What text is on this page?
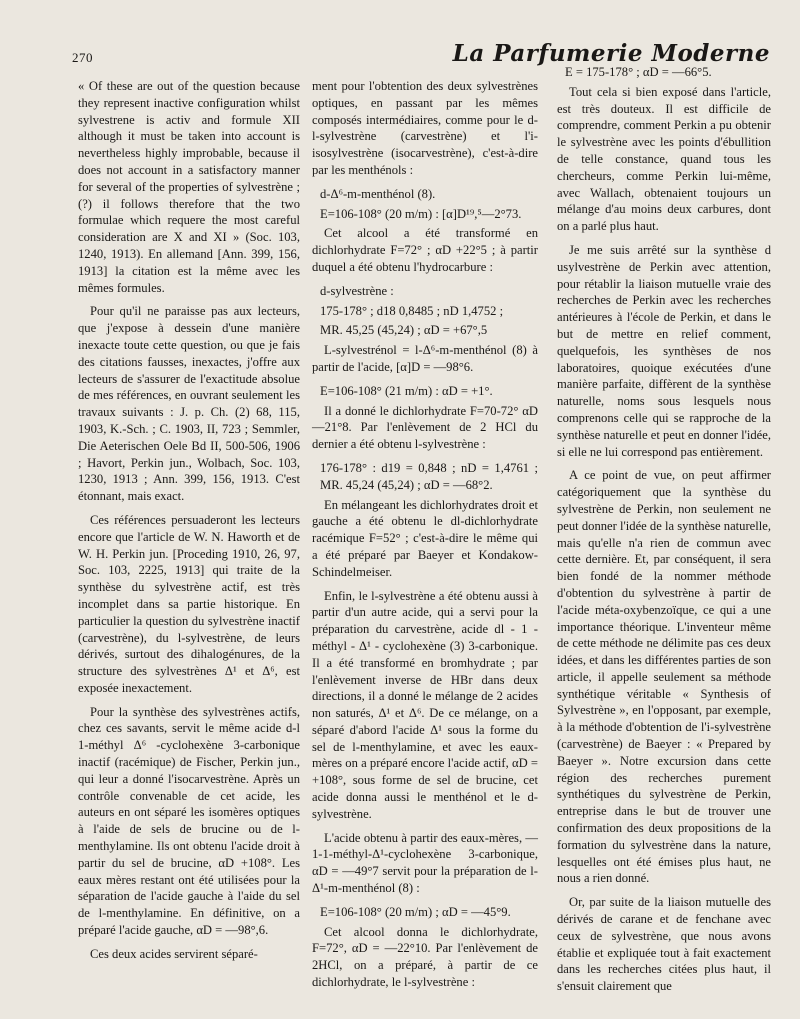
270	La Parfumerie Moderne

« Of these are out of the question because they represent inactive configuration whilst sylvestrene is activ and formule XII although it must be taken into account is nevertheless highly improbable, because il does not account in a satisfactory manner for several of the properties of sylvestrène ; (?) il follows therefore that the two formulae which requere the most careful consideration are X and XI » (Soc. 103, 1240, 1913). En allemand [Ann. 399, 156, 1913] la citation est la même avec les mêmes formules.

Pour qu'il ne paraisse pas aux lecteurs, que j'expose à dessein d'une manière inexacte toute cette question, ou que je fais des citations fausses, inexactes, j'offre aux lecteurs de s'assurer de l'exactitude absolue de mes références, en ouvrant seulement les travaux suivants : J. p. Ch. (2) 68, 115, 1903, K.-Sch. ; C. 1903, II, 723 ; Semmler, Die Aeterischen Oele Bd II, 500-506, 1906 ; Havort, Perkin jun., Wolbach, Soc. 103, 1230, 1913 ; Ann. 399, 156, 1913. C'est étonnant, mais exact.

Ces références persuaderont les lecteurs encore que l'article de W. N. Haworth et de W. H. Perkin jun. [Proceding 1910, 26, 97, Soc. 103, 2225, 1913] qui traite de la synthèse du sylvestrène actif, est très incomplet dans sa partie historique. En particulier la question du sylvestrène inactif (carvestrène), du l-sylvestrène, de leurs dérivés, surtout des dihalogénures, de la structure des sylvestrènes Δ¹ et Δ⁶, est exposée inexactement.

Pour la synthèse des sylvestrènes actifs, chez ces savants, servit le même acide d-l 1-méthyl Δ⁶ -cyclohexène 3-carbonique inactif (racémique) de Fischer, Perkin jun., qui leur a donné l'isocarvestrène. Après un contrôle convenable de cet acide, les auteurs en ont séparé les isomères optiques à l'aide de sels de brucine ou de l-menthylamine. Ils ont obtenu l'acide droit à partir du sel de brucine, αD +108°. Les eaux mères restant ont été utilisées pour la séparation de l'acide gauche à l'aide du sel de l-menthylamine. En définitive, on a préparé l'acide gauche, αD = —98°,6.

Ces deux acides servirent séparé-

ment pour l'obtention des deux sylvestrènes optiques, en passant par les mêmes composés intermédiaires, comme pour le d-l-sylvestrène (carvestrène) et l'i-isosylvestrène (isocarvestrène), c'est-à-dire par les menthénols :

d-Δ⁶-m-menthénol (8).

E=106-108° (20 m/m) : [α]D¹⁹,⁵—2°73.

Cet alcool a été transformé en dichlorhydrate F=72° ; αD +22°5 ; à partir duquel a été obtenu l'hydrocarbure :

d-sylvestrène :

175-178° ; d18 0,8485 ; nD 1,4752 ;

MR. 45,25 (45,24) ; αD = +67°,5

L-sylvestrénol = l-Δ⁶-m-menthénol (8) à partir de l'acide, [α]D = —98°6.

E=106-108° (21 m/m) : αD = +1°.

Il a donné le dichlorhydrate F=70-72° αD —21°8. Par l'enlèvement de 2 HCl du dernier a été obtenu l-sylvestrène :

176-178° : d19 = 0,848 ; nD = 1,4761 ; MR. 45,24 (45,24) ; αD = —68°2.

En mélangeant les dichlorhydrates droit et gauche a été obtenu le dl-dichlorhydrate racémique F=52° ; c'est-à-dire le même qui a été préparé par Baeyer et Kondakow-Schindelmeiser.

Enfin, le l-sylvestrène a été obtenu aussi à partir d'un autre acide, qui a servi pour la préparation du carvestrène, acide dl - 1 - méthyl - Δ¹ - cyclohexène (3) 3-carbonique. Il a été transformé en bromhydrate ; par l'enlèvement inverse de HBr dans deux directions, il a donné le mélange de 2 acides non saturés, Δ¹ et Δ⁶. De ce mélange, on a séparé d'abord l'acide Δ¹ sous la forme du sel de l-menthylamine, et avec les eaux-mères on a préparé encore l'acide actif, αD = +108°, sous forme de sel de brucine, cet acide donna aussi le menthénol et le d-sylvestrène.

L'acide obtenu à partir des eaux-mères, — 1-1-méthyl-Δ¹-cyclohexène 3-carbonique, αD = —49°7 servit pour la préparation de l-Δ¹-m-menthénol (8) :

E=106-108° (20 m/m) ; αD = —45°9.

Cet alcool donna le dichlorhydrate, F=72°, αD = —22°10. Par l'enlèvement de 2HCl, on a préparé, à partir de ce dichlorhydrate, le l-sylvestrène :

E = 175-178° ; αD = —66°5.

Tout cela si bien exposé dans l'article, est très douteux. Il est difficile de comprendre, comment Perkin a pu obtenir le sylvestrène avec les points d'ébullition de telle constance, quand tous les chercheurs, comme Perkin lui-même, avec Wallach, obtenaient toujours un mélange d'au moins deux carbures, dont on a parlé plus haut.

Je me suis arrêté sur la synthèse d usylvestrène de Perkin avec attention, pour rétablir la liaison mutuelle vraie des recherches de Perkin avec les recherches antérieures à l'école de Perkin, et dans le but de mettre en relief comment, quelquefois, les synthèses de nos laboratoires, quoique exécutées d'une manière parfaite, diffèrent de la synthèse naturelle, noms sous lesquels nous comprenons celle qui se rapproche de la synthèse naturelle et peut en donner l'idée, si elle ne lui correspond pas entièrement.

A ce point de vue, on peut affirmer catégoriquement que la synthèse du sylvestrène de Perkin, non seulement ne peut donner l'idée de la synthèse naturelle, mais qu'elle n'a rien de commun avec cette dernière. Et, par conséquent, il sera bien fondé de la nommer méthode d'obtention du sylvestrène à partir de l'acide méta-oxybenzoïque, ce qui a une importance théorique. L'inventeur même de cette méthode ne délimite pas ces deux idées, et dans les différentes parties de son article, il appelle seulement sa méthode synthétique véritable « Synthesis of Sylvestrène », en l'opposant, par exemple, à la méthode d'obtention de l'i-sylvestrène (carvestrène) de Baeyer : « Prepared by Baeyer ». Notre excursion dans cette région des recherches purement synthétiques du sylvestrène de Perkin, entreprise dans le but de trouver une confirmation des deux propositions de la formation du sylvestrène dans la nature, lesquelles ont été émises plus haut, ne nous a rien donné.

Or, par suite de la liaison mutuelle des dérivés de carane et de fenchane avec ceux de sylvestrène, que nous avons établie et expliquée tout à fait exactement dans les recherches citées plus haut, il s'ensuit clairement que
